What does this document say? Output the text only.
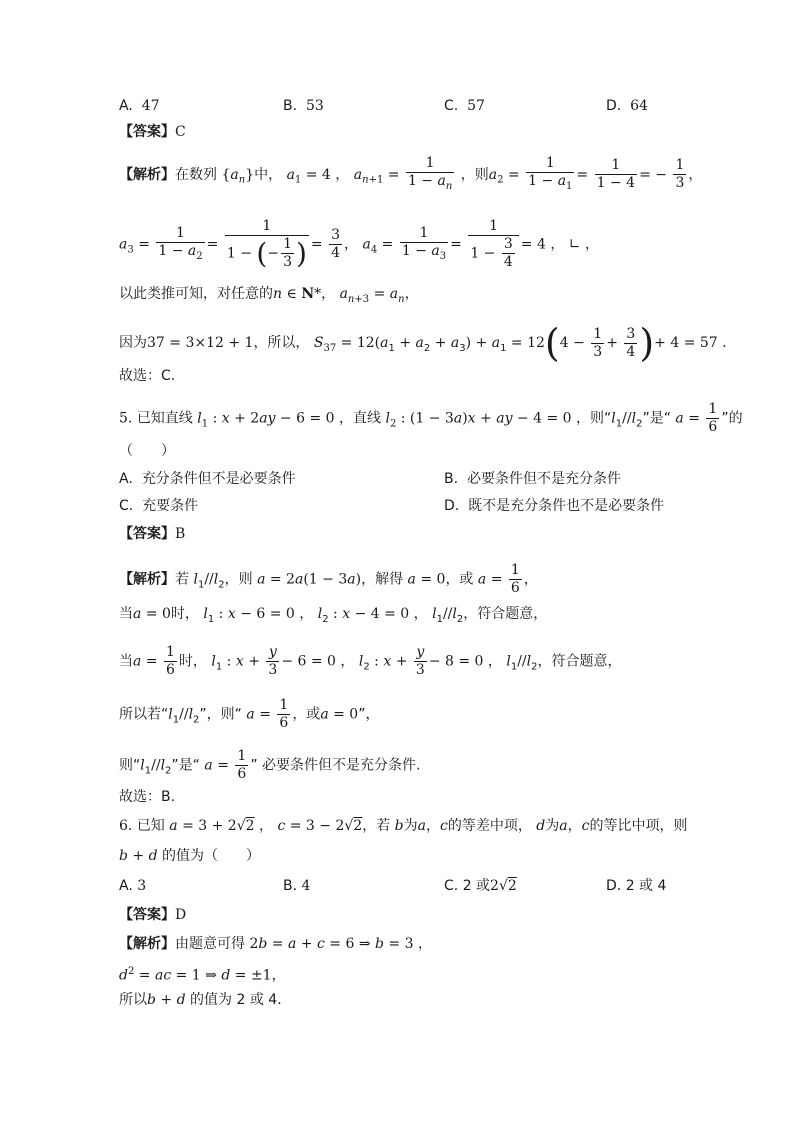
A. 47	B. 53	C. 57	D. 64
【答案】C
【解析】在数列 $\{a_n\}$中， $a_1 = 4$ ， $a_{n+1} = \frac{1}{1 - a_n}$ ，则$a_2 = \frac{1}{1 - a_1} = \frac{1}{1 - 4}$ = − $\frac{1}{3}$ ，
$a_3 = \frac{1}{1 - a_2} = \frac{1}{1 - (- \frac{1}{3} )} = \frac{3}{4}$ ， $a_4 = \frac{1}{1 - a_3} = \frac{1}{1 - \frac{3}{4}} = 4$ ， ∟ ，
以此类推可知，对任意的n ∈ N*， $a_{n+3} = a_n$，
因为37 = 3×12 + 1，所以， $S_{37} = 12(a_1 + a_2 + a_3) + a_1 = 12(4 - \frac{1}{3} + \frac{3}{4}$ )+ 4 = 57 .
故选：C.
5. 已知直线 $l_1$ : x + 2ay − 6 = 0 ，直线 $l_2$ : (1 − 3a)x + ay − 4 = 0 ，则“$l_1//l_2$”是“ $a = \frac{1}{6}$ ”的
（　　）
A. 充分条件但不是必要条件	B. 必要条件但不是充分条件
C. 充要条件	D. 既不是充分条件也不是必要条件
【答案】B
【解析】若 $l_1//l_2$，则 a = 2a(1 − 3a)，解得 a = 0，或 $a = \frac{1}{6}$ ，
当a = 0时， $l_1$ : x − 6 = 0 ， $l_2$ : x − 4 = 0 ， $l_1//l_2$，符合题意，
当$a = \frac{1}{6}$ 时， $l_1$ : $x + \frac{y}{3} - 6 = 0$ ， $l_2$ : $x + \frac{y}{3} - 8 = 0$ ， $l_1//l_2$，符合题意，
所以若“$l_1//l_2$”，则“ $a = \frac{1}{6}$ ，或a = 0”，
则“$l_1//l_2$”是“ $a = \frac{1}{6}$ ” 必要条件但不是充分条件.
故选：B.
6. 已知 a = 3 + 2√2 ， c = 3 − 2√2，若 b为a，c的等差中项， d为a，c的等比中项，则
b + d 的值为（　　）
A. 3	B. 4	C. 2 或2√2	D. 2 或 4
【答案】D
【解析】由题意可得 2b = a + c = 6 ⇒ b = 3 ，
$d^2$ = ac = 1 ⇒ d = ±1，
所以b + d 的值为 2 或 4.
